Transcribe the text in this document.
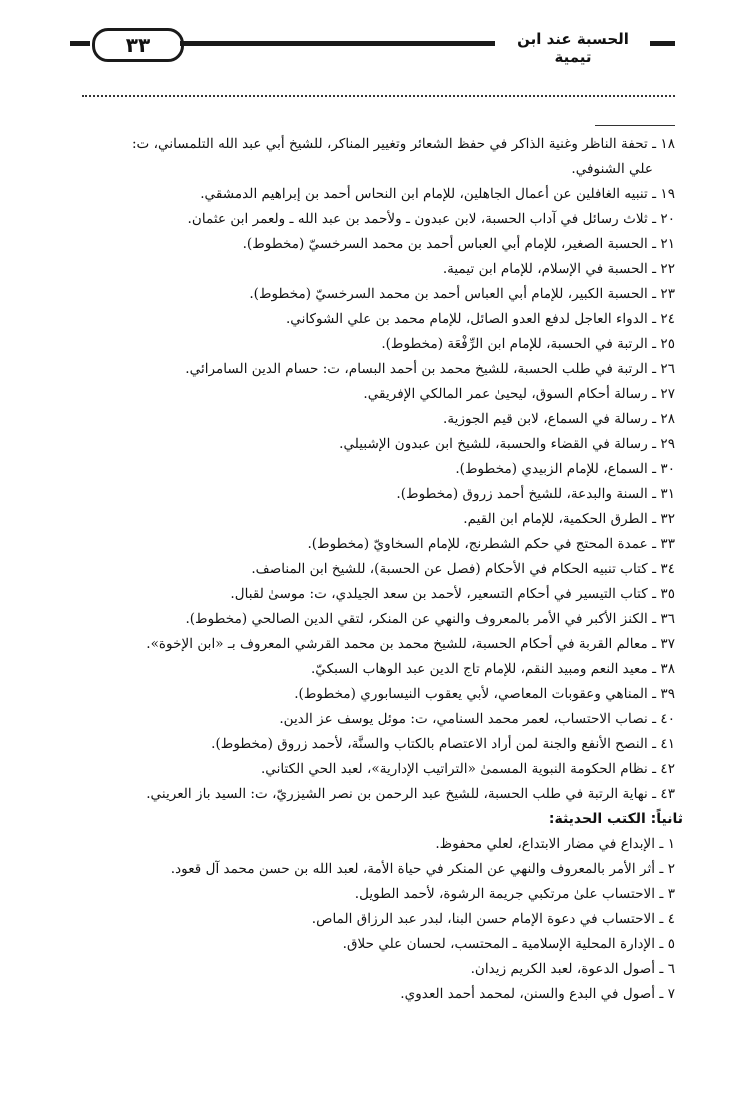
٣٣	الحسبة عند ابن تيمية

١٨ ـ تحفة الناظر وغنية الذاكر في حفظ الشعائر وتغيير المناكر، للشيخ أبي عبد الله التلمساني، ت:
علي الشنوفي.

١٩ ـ تنبيه الغافلين عن أعمال الجاهلين، للإمام ابن النحاس أحمد بن إبراهيم الدمشقي.

٢٠ ـ ثلاث رسائل في آداب الحسبة، لابن عبدون ـ ولأحمد بن عبد الله ـ ولعمر ابن عثمان.

٢١ ـ الحسبة الصغير، للإمام أبي العباس أحمد بن محمد السرخسيّ (مخطوط).

٢٢ ـ الحسبة في الإسلام، للإمام ابن تيمية.

٢٣ ـ الحسبة الكبير، للإمام أبي العباس أحمد بن محمد السرخسيّ (مخطوط).

٢٤ ـ الدواء العاجل لدفع العدو الصائل، للإمام محمد بن علي الشوكاني.

٢٥ ـ الرتبة في الحسبة، للإمام ابن الرِّفْعَة (مخطوط).

٢٦ ـ الرتبة في طلب الحسبة، للشيخ محمد بن أحمد البسام، ت: حسام الدين السامرائي.

٢٧ ـ رسالة أحكام السوق، ليحيىٰ عمر المالكي الإفريقي.

٢٨ ـ رسالة في السماع، لابن قيم الجوزية.

٢٩ ـ رسالة في القضاء والحسبة، للشيخ ابن عبدون الإشبيلي.

٣٠ ـ السماع، للإمام الزبيدي (مخطوط).

٣١ ـ السنة والبدعة، للشيخ أحمد زروق (مخطوط).

٣٢ ـ الطرق الحكمية، للإمام ابن القيم.

٣٣ ـ عمدة المحتج في حكم الشطرنج، للإمام السخاويّ (مخطوط).

٣٤ ـ كتاب تنبيه الحكام في الأحكام (فصل عن الحسبة)، للشيخ ابن المناصف.

٣٥ ـ كتاب التيسير في أحكام التسعير، لأحمد بن سعد الجيلدي، ت: موسىٰ لقبال.

٣٦ ـ الكنز الأكبر في الأمر بالمعروف والنهي عن المنكر، لتقي الدين الصالحي (مخطوط).

٣٧ ـ معالم القربة في أحكام الحسبة، للشيخ محمد بن محمد القرشي المعروف بـ «ابن الإخوة».

٣٨ ـ معيد النعم ومبيد النقم، للإمام تاج الدين عبد الوهاب السبكيّ.

٣٩ ـ المناهي وعقوبات المعاصي، لأبي يعقوب النيسابوري (مخطوط).

٤٠ ـ نصاب الاحتساب، لعمر محمد السنامي، ت: موئل يوسف عز الدين.

٤١ ـ النصح الأنفع والجنة لمن أراد الاعتصام بالكتاب والسنَّة، لأحمد زروق (مخطوط).

٤٢ ـ نظام الحكومة النبوية المسمىٰ «التراتيب الإدارية»، لعبد الحي الكتاني.

٤٣ ـ نهاية الرتبة في طلب الحسبة، للشيخ عبد الرحمن بن نصر الشيزريّ، ت: السيد باز العريني.

ثانياً: الكتب الحديثة:

١ ـ الإبداع في مضار الابتداع، لعلي محفوظ.

٢ ـ أثر الأمر بالمعروف والنهي عن المنكر في حياة الأمة، لعبد الله بن حسن محمد آل قعود.

٣ ـ الاحتساب علىٰ مرتكبي جريمة الرشوة، لأحمد الطويل.

٤ ـ الاحتساب في دعوة الإمام حسن البنا، لبدر عبد الرزاق الماص.

٥ ـ الإدارة المحلية الإسلامية ـ المحتسب، لحسان علي حلاق.

٦ ـ أصول الدعوة، لعبد الكريم زيدان.

٧ ـ أصول في البدع والسنن، لمحمد أحمد العدوي.
